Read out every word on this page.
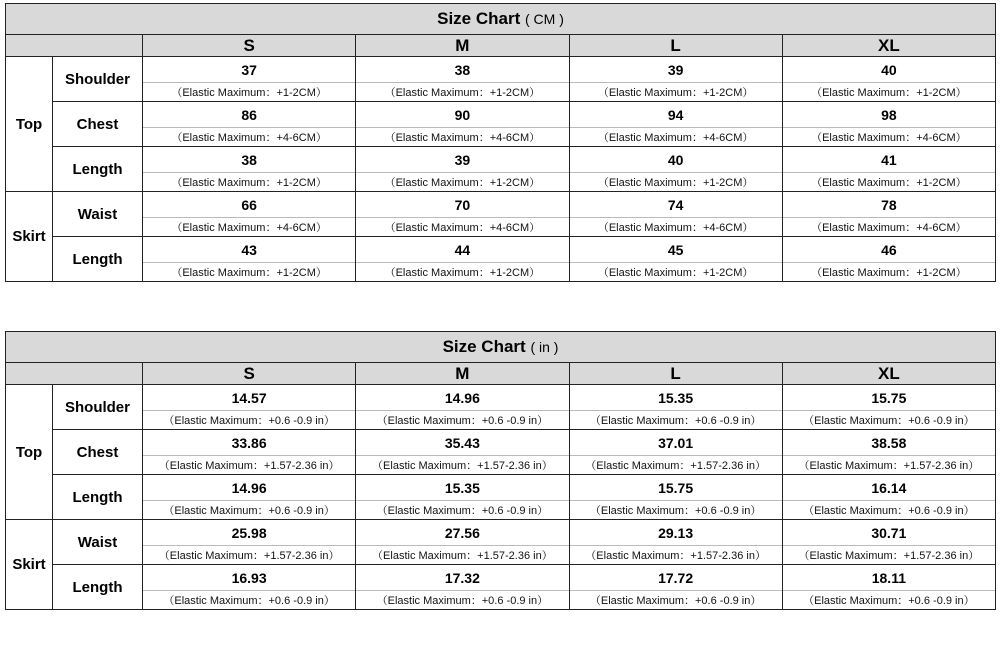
Size Chart ( CM )					
		S	M	L	XL
Top	Shoulder	37	38	39	40
		（Elastic Maximum：+1-2CM）	（Elastic Maximum：+1-2CM）	（Elastic Maximum：+1-2CM）	（Elastic Maximum：+1-2CM）
	Chest	86	90	94	98
		（Elastic Maximum：+4-6CM）	（Elastic Maximum：+4-6CM）	（Elastic Maximum：+4-6CM）	（Elastic Maximum：+4-6CM）
	Length	38	39	40	41
		（Elastic Maximum：+1-2CM）	（Elastic Maximum：+1-2CM）	（Elastic Maximum：+1-2CM）	（Elastic Maximum：+1-2CM）
Skirt	Waist	66	70	74	78
		（Elastic Maximum：+4-6CM）	（Elastic Maximum：+4-6CM）	（Elastic Maximum：+4-6CM）	（Elastic Maximum：+4-6CM）
	Length	43	44	45	46
		（Elastic Maximum：+1-2CM）	（Elastic Maximum：+1-2CM）	（Elastic Maximum：+1-2CM）	（Elastic Maximum：+1-2CM）
Size Chart ( in )					
		S	M	L	XL
Top	Shoulder	14.57	14.96	15.35	15.75
		（Elastic Maximum：+0.6 -0.9 in）	（Elastic Maximum：+0.6 -0.9 in）	（Elastic Maximum：+0.6 -0.9 in）	（Elastic Maximum：+0.6 -0.9 in）
	Chest	33.86	35.43	37.01	38.58
		（Elastic Maximum：+1.57-2.36 in）	（Elastic Maximum：+1.57-2.36 in）	（Elastic Maximum：+1.57-2.36 in）	（Elastic Maximum：+1.57-2.36 in）
	Length	14.96	15.35	15.75	16.14
		（Elastic Maximum：+0.6 -0.9 in）	（Elastic Maximum：+0.6 -0.9 in）	（Elastic Maximum：+0.6 -0.9 in）	（Elastic Maximum：+0.6 -0.9 in）
Skirt	Waist	25.98	27.56	29.13	30.71
		（Elastic Maximum：+1.57-2.36 in）	（Elastic Maximum：+1.57-2.36 in）	（Elastic Maximum：+1.57-2.36 in）	（Elastic Maximum：+1.57-2.36 in）
	Length	16.93	17.32	17.72	18.11
		（Elastic Maximum：+0.6 -0.9 in）	（Elastic Maximum：+0.6 -0.9 in）	（Elastic Maximum：+0.6 -0.9 in）	（Elastic Maximum：+0.6 -0.9 in）
